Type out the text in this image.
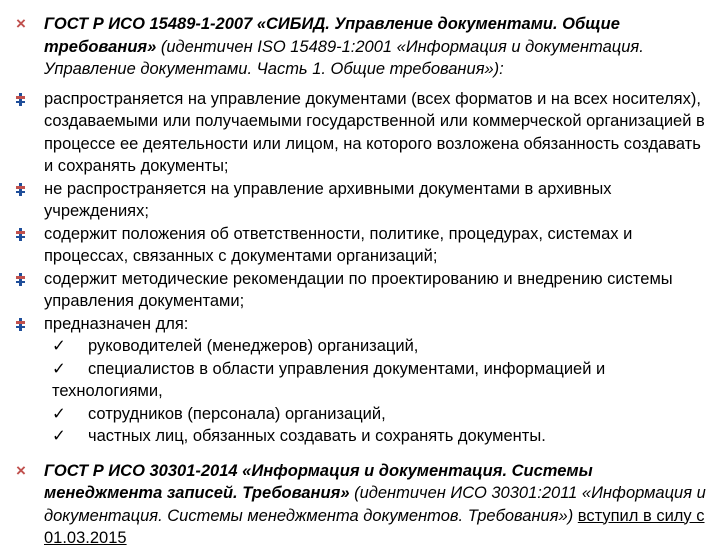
×	ГОСТ Р ИСО 15489-1-2007 «СИБИД. Управление документами. Общие требования» (идентичен ISO 15489-1:2001 «Информация и документация. Управление документами. Часть 1. Общие требования»):
распространяется на управление документами (всех форматов и на всех носителях), создаваемыми или получаемыми государственной или коммерческой организацией в процессе ее деятельности или лицом, на которого возложена обязанность создавать и сохранять документы;
не распространяется на управление архивными документами в архивных учреждениях;
содержит положения об ответственности, политике, процедурах, системах и процессах, связанных с документами организаций;
содержит методические рекомендации по проектированию и внедрению системы управления документами;
предназначен для:
✓ руководителей (менеджеров) организаций,
✓ специалистов в области управления документами, информацией и технологиями,
✓ сотрудников (персонала) организаций,
✓ частных лиц, обязанных создавать и сохранять документы.
×	ГОСТ Р ИСО 30301-2014 «Информация и документация. Системы менеджмента записей. Требования» (идентичен ИСО 30301:2011 «Информация и документация. Системы менеджмента документов. Требования») вступил в силу с 01.03.2015
